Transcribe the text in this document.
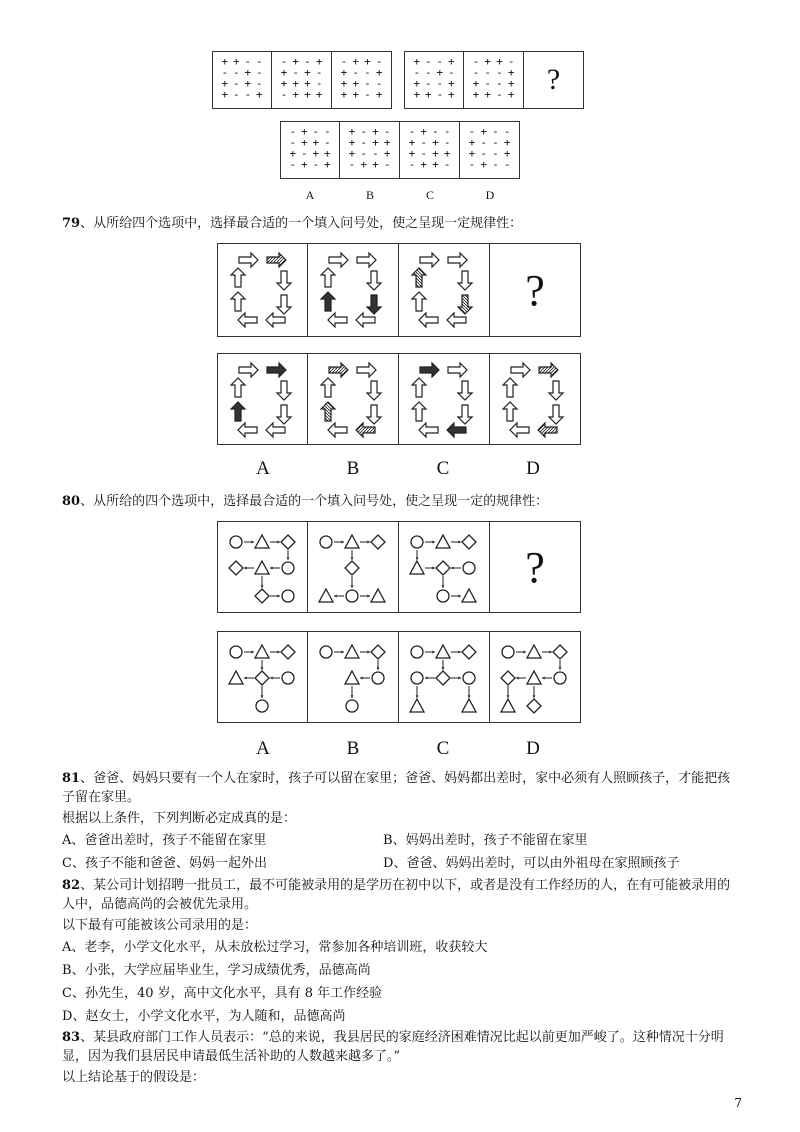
+ + - -
- - + -
+ - + -
+ - - +
- + - +
+ - + -
+ + + -
- + + +
- + + -
+ - - +
+ + - -
+ + - +
+ - - +
- - + -
+ - - +
+ + - +
- + + -
- - - +
+ - - +
+ + - +	?
- + - -
- + + -
+ - + +
- + - +
+ - + -
+ - + +
+ - - +
- + + -
- + - -
+ - + -
+ - + +
- + + -
- + - -
+ - - +
+ - - +
- + - -
A	B	C	D
79、从所给四个选项中，选择最合适的一个填入问号处，使之呈现一定规律性：
?
A	B	C	D
80、从所给的四个选项中，选择最合适的一个填入问号处，使之呈现一定的规律性：
?
A	B	C	D
81、爸爸、妈妈只要有一个人在家时，孩子可以留在家里；爸爸、妈妈都出差时，家中必须有人照顾孩子，才能把孩子留在家里。
根据以上条件，下列判断必定成真的是：
A、爸爸出差时，孩子不能留在家里	B、妈妈出差时，孩子不能留在家里
C、孩子不能和爸爸、妈妈一起外出	D、爸爸、妈妈出差时，可以由外祖母在家照顾孩子
82、某公司计划招聘一批员工，最不可能被录用的是学历在初中以下，或者是没有工作经历的人，在有可能被录用的人中，品德高尚的会被优先录用。
以下最有可能被该公司录用的是：
A、老李，小学文化水平，从未放松过学习，常参加各种培训班，收获较大
B、小张，大学应届毕业生，学习成绩优秀，品德高尚
C、孙先生，40 岁，高中文化水平，具有 8 年工作经验
D、赵女士，小学文化水平，为人随和，品德高尚
83、某县政府部门工作人员表示：“总的来说，我县居民的家庭经济困难情况比起以前更加严峻了。这种情况十分明显，因为我们县居民申请最低生活补助的人数越来越多了。”
以上结论基于的假设是：
7
